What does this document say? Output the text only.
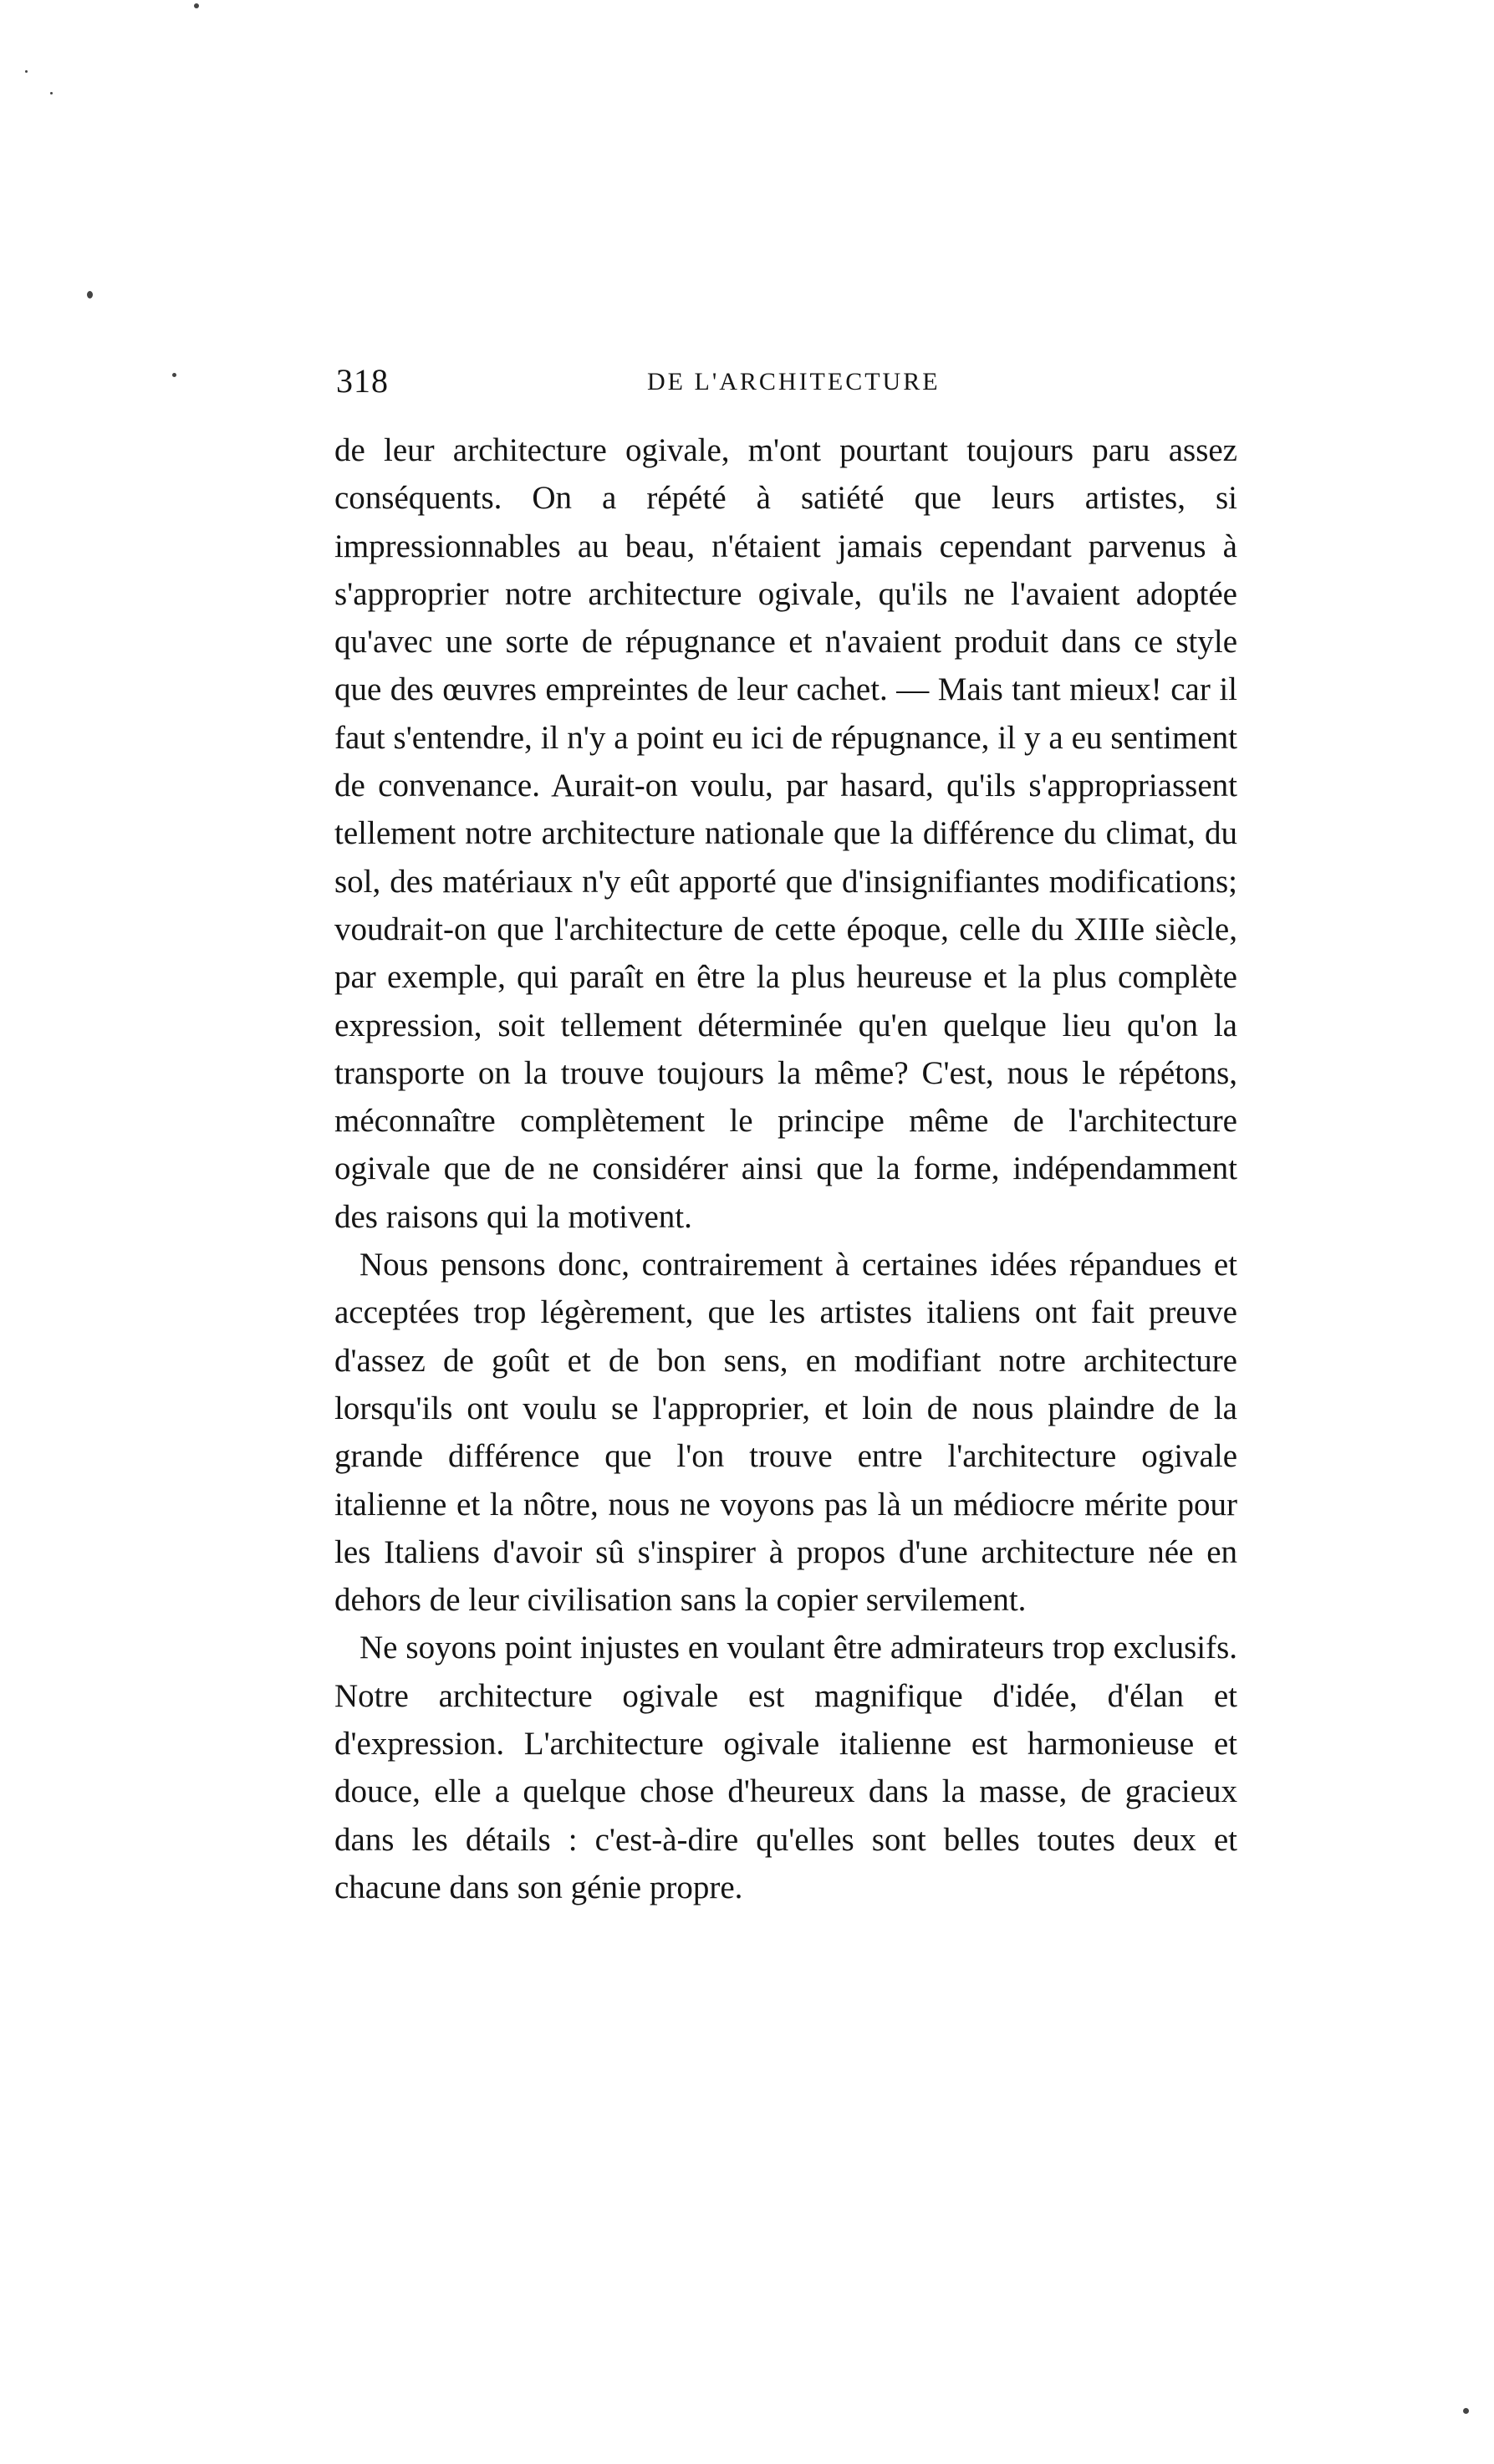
318	DE L'ARCHITECTURE

de leur architecture ogivale, m'ont pourtant toujours paru assez conséquents. On a répété à satiété que leurs artistes, si impressionnables au beau, n'étaient jamais cependant parvenus à s'approprier notre architecture ogivale, qu'ils ne l'avaient adoptée qu'avec une sorte de répugnance et n'avaient produit dans ce style que des œuvres empreintes de leur cachet. — Mais tant mieux! car il faut s'entendre, il n'y a point eu ici de répugnance, il y a eu sentiment de convenance. Aurait-on voulu, par hasard, qu'ils s'appropriassent tellement notre architecture nationale que la différence du climat, du sol, des matériaux n'y eût apporté que d'insignifiantes modifications; voudrait-on que l'architecture de cette époque, celle du XIIIe siècle, par exemple, qui paraît en être la plus heureuse et la plus complète expression, soit tellement déterminée qu'en quelque lieu qu'on la transporte on la trouve toujours la même? C'est, nous le répétons, méconnaître complètement le principe même de l'architecture ogivale que de ne considérer ainsi que la forme, indépendamment des raisons qui la motivent.

Nous pensons donc, contrairement à certaines idées répandues et acceptées trop légèrement, que les artistes italiens ont fait preuve d'assez de goût et de bon sens, en modifiant notre architecture lorsqu'ils ont voulu se l'approprier, et loin de nous plaindre de la grande différence que l'on trouve entre l'architecture ogivale italienne et la nôtre, nous ne voyons pas là un médiocre mérite pour les Italiens d'avoir sû s'inspirer à propos d'une architecture née en dehors de leur civilisation sans la copier servilement.

Ne soyons point injustes en voulant être admirateurs trop exclusifs. Notre architecture ogivale est magnifique d'idée, d'élan et d'expression. L'architecture ogivale italienne est harmonieuse et douce, elle a quelque chose d'heureux dans la masse, de gracieux dans les détails : c'est-à-dire qu'elles sont belles toutes deux et chacune dans son génie propre.
